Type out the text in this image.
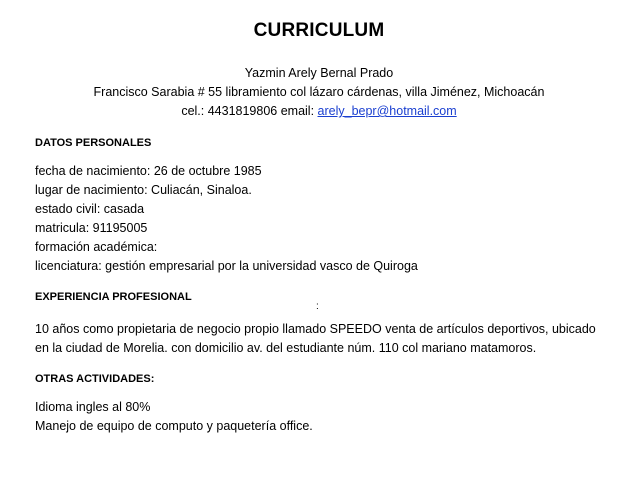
CURRICULUM
Yazmin Arely Bernal Prado
Francisco Sarabia # 55 libramiento col lázaro cárdenas, villa Jiménez, Michoacán
cel.: 4431819806 email: arely_bepr@hotmail.com
DATOS PERSONALES
fecha de nacimiento: 26 de octubre 1985
lugar de nacimiento: Culiacán, Sinaloa.
estado civil: casada
matricula: 91195005
formación académica:
licenciatura: gestión empresarial por la universidad vasco de Quiroga
EXPERIENCIA PROFESIONAL
:
10 años como propietaria de negocio propio llamado SPEEDO venta de artículos deportivos, ubicado
en la ciudad de Morelia. con domicilio av. del estudiante núm. 110 col mariano matamoros.
OTRAS ACTIVIDADES:
Idioma ingles al 80%
Manejo de equipo de computo y paquetería office.
